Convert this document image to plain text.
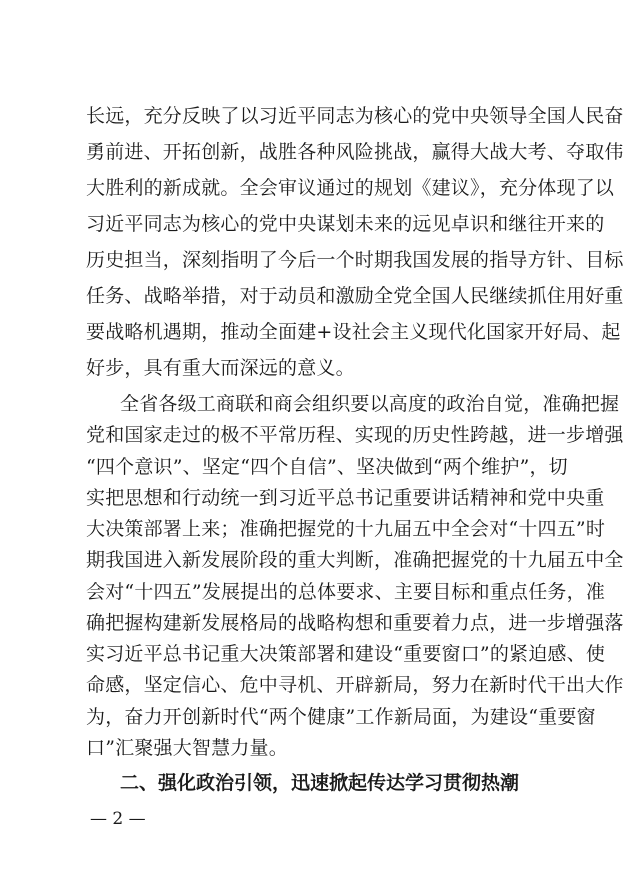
长远，充分反映了以习近平同志为核心的党中央领导全国人民奋
勇前进、开拓创新，战胜各种风险挑战，赢得大战大考、夺取伟
大胜利的新成就。全会审议通过的规划《建议》，充分体现了以
习近平同志为核心的党中央谋划未来的远见卓识和继往开来的
历史担当，深刻指明了今后一个时期我国发展的指导方针、目标
任务、战略举措，对于动员和激励全党全国人民继续抓住用好重
要战略机遇期，推动全面建+设社会主义现代化国家开好局、起
好步，具有重大而深远的意义。
全省各级工商联和商会组织要以高度的政治自觉，准确把握
党和国家走过的极不平常历程、实现的历史性跨越，进一步增强
“四个意识”、坚定“四个自信”、坚决做到“两个维护”，切
实把思想和行动统一到习近平总书记重要讲话精神和党中央重
大决策部署上来；准确把握党的十九届五中全会对“十四五”时
期我国进入新发展阶段的重大判断，准确把握党的十九届五中全
会对“十四五”发展提出的总体要求、主要目标和重点任务，准
确把握构建新发展格局的战略构想和重要着力点，进一步增强落
实习近平总书记重大决策部署和建设“重要窗口”的紧迫感、使
命感，坚定信心、危中寻机、开辟新局，努力在新时代干出大作
二、强化政治引领，迅速掀起传达学习贯彻热潮
— 2 —
为，奋力开创新时代“两个健康”工作新局面，为建设“重要窗
口”汇聚强大智慧力量。
